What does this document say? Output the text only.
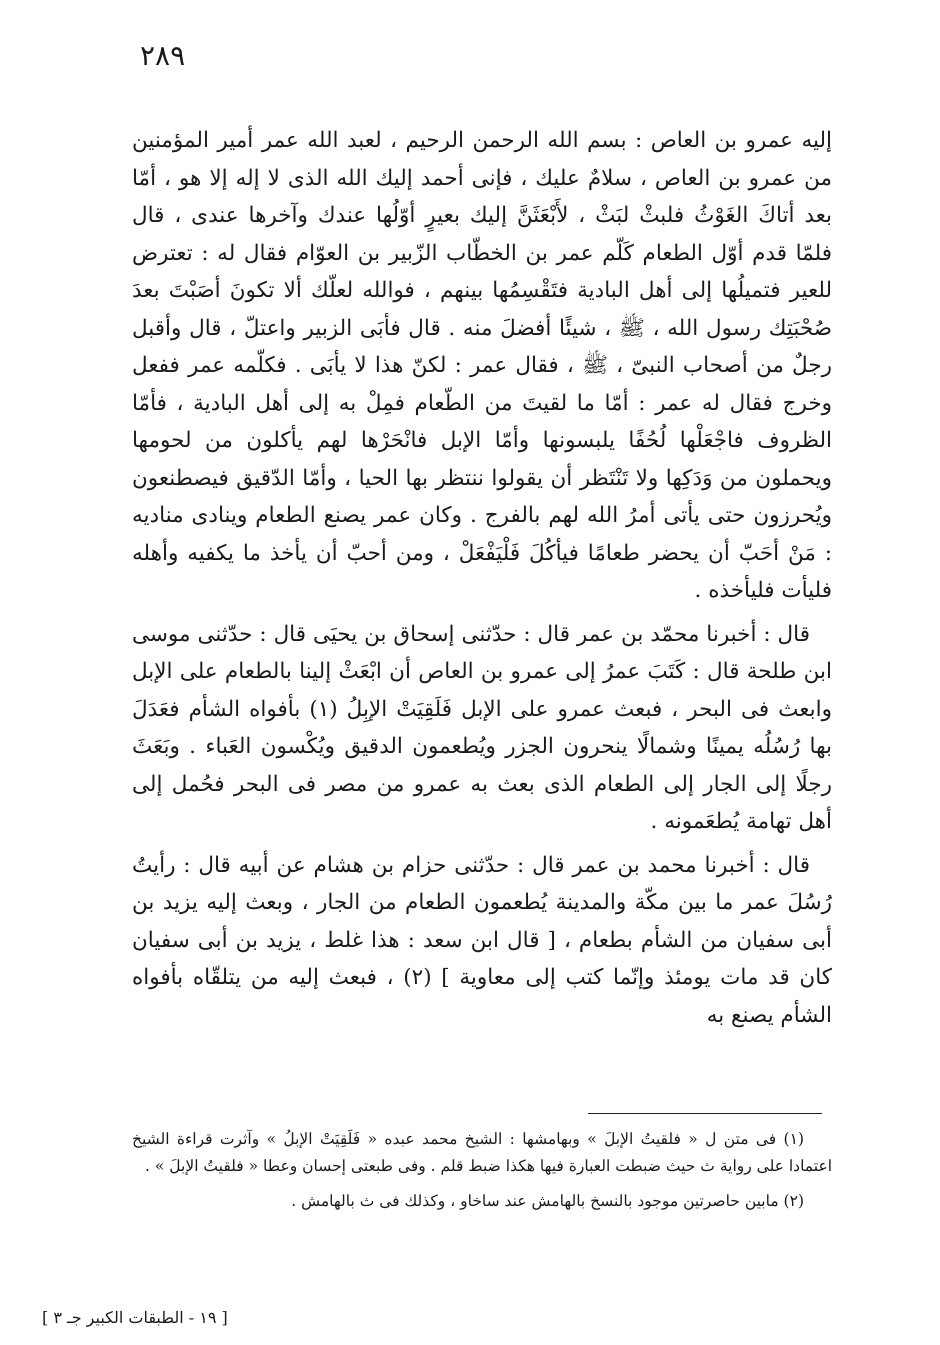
٢٨٩

إليه عمرو بن العاص : بسم الله الرحمن الرحيم ، لعبد الله عمر أمير المؤمنين من عمرو بن العاص ، سلامٌ عليك ، فإنى أحمد إليك الله الذى لا إله إلا هو ، أمّا بعد أتاكَ الغَوْثُ فلبثْ لبَثْ ، لأَبْعَثَنَّ إليك بعيرٍ أوّلُها عندك وآخرها عندى ، قال فلمّا قدم أوّل الطعام كَلّم عمر بن الخطّاب الزّبير بن العوّام فقال له : تعترض للعير فتميلُها إلى أهل البادية فتَقْسِمُها بينهم ، فوالله لعلّك ألا تكونَ أصَبْتَ بعدَ صُحْبَتِك رسول الله ، ﷺ ، شيئًا أفضلَ منه . قال فأبَى الزبير واعتلّ ، قال وأقبل رجلٌ من أصحاب النبىّ ، ﷺ ، فقال عمر : لكنّ هذا لا يأبَى . فكلّمه عمر ففعل وخرج فقال له عمر : أمّا ما لقيتَ من الطّعام فمِلْ به إلى أهل البادية ، فأمّا الظروف فاجْعَلْها لُحُفًا يلبسونها وأمّا الإبل فانْحَرْها لهم يأكلون من لحومها ويحملون من وَدَكِها ولا تَنْتَظر أن يقولوا ننتظر بها الحيا ، وأمّا الدّقيق فيصطنعون ويُحرزون حتى يأتى أمرُ الله لهم بالفرج . وكان عمر يصنع الطعام وينادى مناديه : مَنْ أحَبّ أن يحضر طعامًا فيأكُلَ فَلْيَفْعَلْ ، ومن أحبّ أن يأخذ ما يكفيه وأهله فليأت فليأخذه .

قال : أخبرنا محمّد بن عمر قال : حدّثنى إسحاق بن يحيَى قال : حدّثنى موسى ابن طلحة قال : كَتَبَ عمرُ إلى عمرو بن العاص أن ابْعَثْ إلينا بالطعام على الإبل وابعث فى البحر ، فبعث عمرو على الإبل فَلَقِيَتْ الإبِلُ (١) بأفواه الشأم فعَدَلَ بها رُسُلُه يمينًا وشمالًا ينحرون الجزر ويُطعمون الدقيق ويُكْسون العَباء . وبَعَثَ رجلًا إلى الجار إلى الطعام الذى بعث به عمرو من مصر فى البحر فحُمل إلى أهل تهامة يُطعَمونه .

قال : أخبرنا محمد بن عمر قال : حدّثنى حزام بن هشام عن أبيه قال : رأيتُ رُسُلَ عمر ما بين مكّة والمدينة يُطعمون الطعام من الجار ، وبعث إليه يزيد بن أبى سفيان من الشأم بطعام ، [ قال ابن سعد : هذا غلط ، يزيد بن أبى سفيان كان قد مات يومئذ وإنّما كتب إلى معاوية ] (٢) ، فبعث إليه من يتلقّاه بأفواه الشأم يصنع به

(١) فى متن ل « فلقيتُ الإبلَ » وبهامشها : الشيخ محمد عبده « فَلَقِيَتْ الإبلُ » وآثرت قراءة الشيخ اعتمادا على رواية ث حيث ضبطت العبارة فيها هكذا ضبط قلم . وفى طبعتى إحسان وعطا « فلقيتُ الإبلَ » .

(٢) مابين حاصرتين موجود بالنسخ بالهامش عند ساخاو ، وكذلك فى ث بالهامش .

[ ١٩ - الطبقات الكبير جـ ٣ ]
